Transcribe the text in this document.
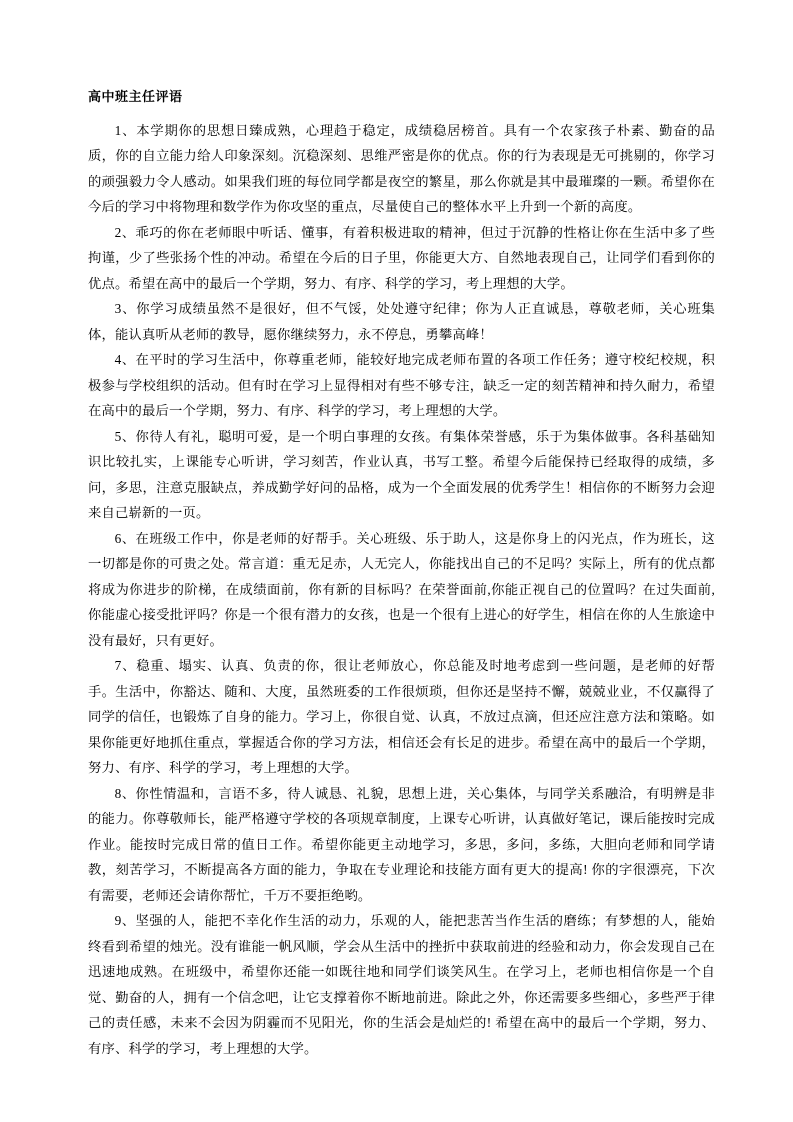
高中班主任评语

1、本学期你的思想日臻成熟，心理趋于稳定，成绩稳居榜首。具有一个农家孩子朴素、勤奋的品质，你的自立能力给人印象深刻。沉稳深刻、思维严密是你的优点。你的行为表现是无可挑剔的，你学习的顽强毅力令人感动。如果我们班的每位同学都是夜空的繁星，那么你就是其中最璀璨的一颗。希望你在今后的学习中将物理和数学作为你攻坚的重点，尽量使自己的整体水平上升到一个新的高度。

2、乖巧的你在老师眼中听话、懂事，有着积极进取的精神，但过于沉静的性格让你在生活中多了些拘谨，少了些张扬个性的冲动。希望在今后的日子里，你能更大方、自然地表现自己，让同学们看到你的优点。希望在高中的最后一个学期，努力、有序、科学的学习，考上理想的大学。

3、你学习成绩虽然不是很好，但不气馁，处处遵守纪律；你为人正直诚恳，尊敬老师，关心班集体，能认真听从老师的教导，愿你继续努力，永不停息，勇攀高峰！

4、在平时的学习生活中，你尊重老师，能较好地完成老师布置的各项工作任务；遵守校纪校规，积极参与学校组织的活动。但有时在学习上显得相对有些不够专注，缺乏一定的刻苦精神和持久耐力，希望在高中的最后一个学期，努力、有序、科学的学习，考上理想的大学。

5、你待人有礼，聪明可爱，是一个明白事理的女孩。有集体荣誉感，乐于为集体做事。各科基础知识比较扎实，上课能专心听讲，学习刻苦，作业认真，书写工整。希望今后能保持已经取得的成绩，多问，多思，注意克服缺点，养成勤学好问的品格，成为一个全面发展的优秀学生！相信你的不断努力会迎来自己崭新的一页。

6、在班级工作中，你是老师的好帮手。关心班级、乐于助人，这是你身上的闪光点，作为班长，这一切都是你的可贵之处。常言道：重无足赤，人无完人，你能找出自己的不足吗？实际上，所有的优点都将成为你进步的阶梯，在成绩面前，你有新的目标吗？在荣誉面前,你能正视自己的位置吗？在过失面前,你能虚心接受批评吗？你是一个很有潜力的女孩，也是一个很有上进心的好学生，相信在你的人生旅途中没有最好，只有更好。

7、稳重、塌实、认真、负责的你，很让老师放心，你总能及时地考虑到一些问题，是老师的好帮手。生活中，你豁达、随和、大度，虽然班委的工作很烦琐，但你还是坚持不懈，兢兢业业，不仅赢得了同学的信任，也锻炼了自身的能力。学习上，你很自觉、认真，不放过点滴，但还应注意方法和策略。如果你能更好地抓住重点，掌握适合你的学习方法，相信还会有长足的进步。希望在高中的最后一个学期，努力、有序、科学的学习，考上理想的大学。

8、你性情温和，言语不多，待人诚恳、礼貌，思想上进，关心集体，与同学关系融洽，有明辨是非的能力。你尊敬师长，能严格遵守学校的各项规章制度，上课专心听讲，认真做好笔记，课后能按时完成作业。能按时完成日常的值日工作。希望你能更主动地学习，多思，多问，多练，大胆向老师和同学请教，刻苦学习，不断提高各方面的能力，争取在专业理论和技能方面有更大的提高! 你的字很漂亮，下次有需要，老师还会请你帮忙，千万不要拒绝哟。

9、坚强的人，能把不幸化作生活的动力，乐观的人，能把悲苦当作生活的磨练；有梦想的人，能始终看到希望的烛光。没有谁能一帆风顺，学会从生活中的挫折中获取前进的经验和动力，你会发现自己在迅速地成熟。在班级中，希望你还能一如既往地和同学们谈笑风生。在学习上，老师也相信你是一个自觉、勤奋的人，拥有一个信念吧，让它支撑着你不断地前进。除此之外，你还需要多些细心，多些严于律己的责任感，未来不会因为阴霾而不见阳光，你的生活会是灿烂的! 希望在高中的最后一个学期，努力、有序、科学的学习，考上理想的大学。
